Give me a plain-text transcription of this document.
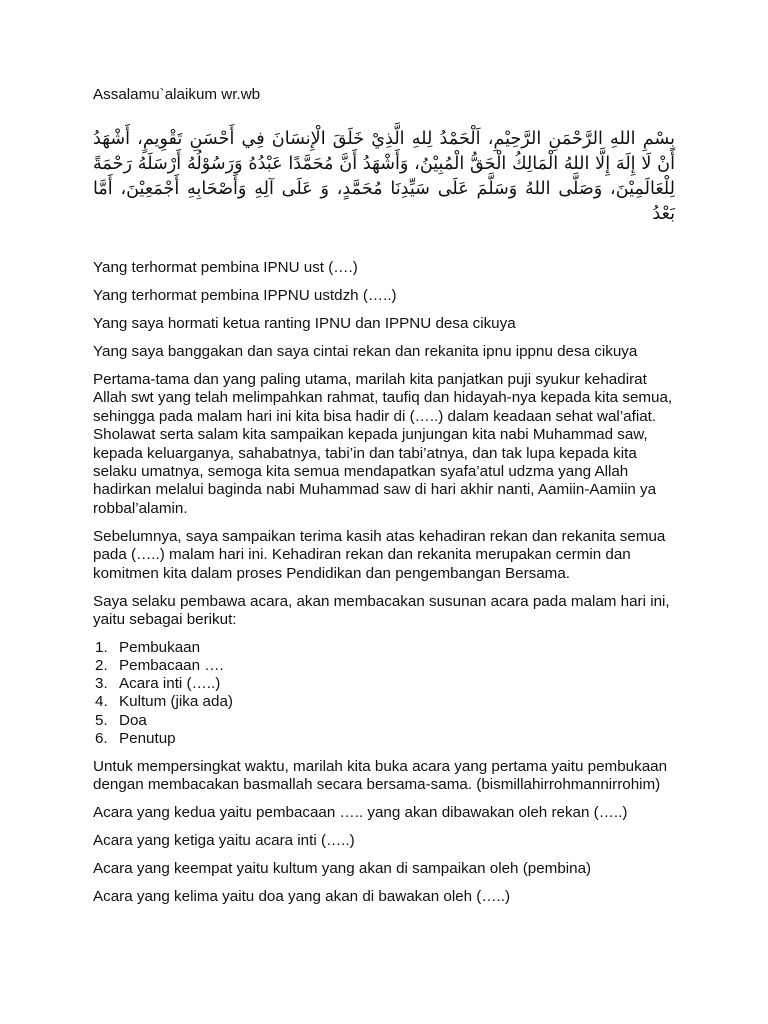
Assalamu`alaikum wr.wb

بِسْمِ اللهِ الرَّحْمَنِ الرَّحِيْمِ، اَلْحَمْدُ لِلهِ الَّذِيْ خَلَقَ الْإِنسَانَ فِي أَحْسَنِ تَقْوِيمٍ، أَشْهَدُ أَنْ لَا إِلَهَ إِلَّا اللهُ الْمَالِكُ الْحَقُّ الْمُبِيْنُ، وَأَشْهَدُ أَنَّ مُحَمَّدًا عَبْدُهُ وَرَسُوْلُهُ أَرْسَلَهُ رَحْمَةً لِلْعَالَمِيْنَ، وَصَلَّى اللهُ وَسَلَّمَ عَلَى سَيِّدِنَا مُحَمَّدٍ، وَ عَلَى آلِهِ وَأَصْحَابِهِ أَجْمَعِيْنَ، أَمَّا بَعْدُ

Yang terhormat pembina IPNU ust (….)

Yang terhormat pembina IPPNU ustdzh (…..)

Yang saya hormati ketua ranting IPNU dan IPPNU desa cikuya

Yang saya banggakan dan saya cintai rekan dan rekanita ipnu ippnu desa cikuya

Pertama-tama dan yang paling utama, marilah kita panjatkan puji syukur kehadirat Allah swt yang telah melimpahkan rahmat, taufiq dan hidayah-nya kepada kita semua, sehingga pada malam hari ini kita bisa hadir di (…..) dalam keadaan sehat wal’afiat. Sholawat serta salam kita sampaikan kepada junjungan kita nabi Muhammad saw, kepada keluarganya, sahabatnya, tabi’in dan tabi’atnya, dan tak lupa kepada kita selaku umatnya, semoga kita semua mendapatkan syafa’atul udzma yang Allah hadirkan melalui baginda nabi Muhammad saw di hari akhir nanti, Aamiin-Aamiin ya robbal’alamin.

Sebelumnya, saya sampaikan terima kasih atas kehadiran rekan dan rekanita semua pada (…..) malam hari ini. Kehadiran rekan dan rekanita merupakan cermin dan komitmen kita dalam proses Pendidikan dan pengembangan Bersama.

Saya selaku pembawa acara, akan membacakan susunan acara pada malam hari ini, yaitu sebagai berikut:

1. Pembukaan
2. Pembacaan ….
3. Acara inti (…..)
4. Kultum (jika ada)
5. Doa
6. Penutup

Untuk mempersingkat waktu, marilah kita buka acara yang pertama yaitu pembukaan dengan membacakan basmallah secara bersama-sama. (bismillahirrohmannirrohim)

Acara yang kedua yaitu pembacaan ….. yang akan dibawakan oleh rekan (…..)

Acara yang ketiga yaitu acara inti (…..)

Acara yang keempat yaitu kultum yang akan di sampaikan oleh (pembina)

Acara yang kelima yaitu doa yang akan di bawakan oleh (…..)
